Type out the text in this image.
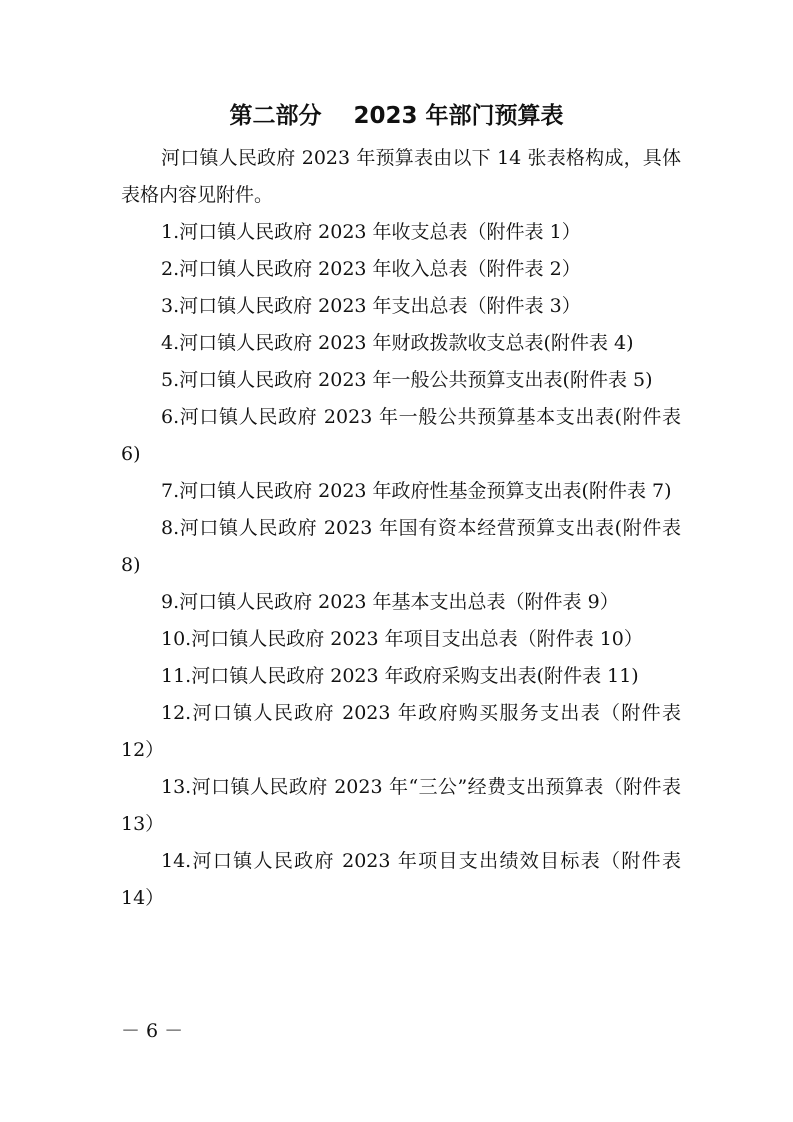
第二部分    2023 年部门预算表

河口镇人民政府 2023 年预算表由以下 14 张表格构成，具体表格内容见附件。

1.河口镇人民政府 2023 年收支总表（附件表 1）

2.河口镇人民政府 2023 年收入总表（附件表 2）

3.河口镇人民政府 2023 年支出总表（附件表 3）

4.河口镇人民政府 2023 年财政拨款收支总表(附件表 4)

5.河口镇人民政府 2023 年一般公共预算支出表(附件表 5)

6.河口镇人民政府 2023 年一般公共预算基本支出表(附件表 6)

7.河口镇人民政府 2023 年政府性基金预算支出表(附件表 7)

8.河口镇人民政府 2023 年国有资本经营预算支出表(附件表 8)

9.河口镇人民政府 2023 年基本支出总表（附件表 9）

10.河口镇人民政府 2023 年项目支出总表（附件表 10）

11.河口镇人民政府 2023 年政府采购支出表(附件表 11)

12.河口镇人民政府 2023 年政府购买服务支出表（附件表 12）

13.河口镇人民政府 2023 年“三公”经费支出预算表（附件表 13）

14.河口镇人民政府 2023 年项目支出绩效目标表（附件表 14）

－ 6 －
